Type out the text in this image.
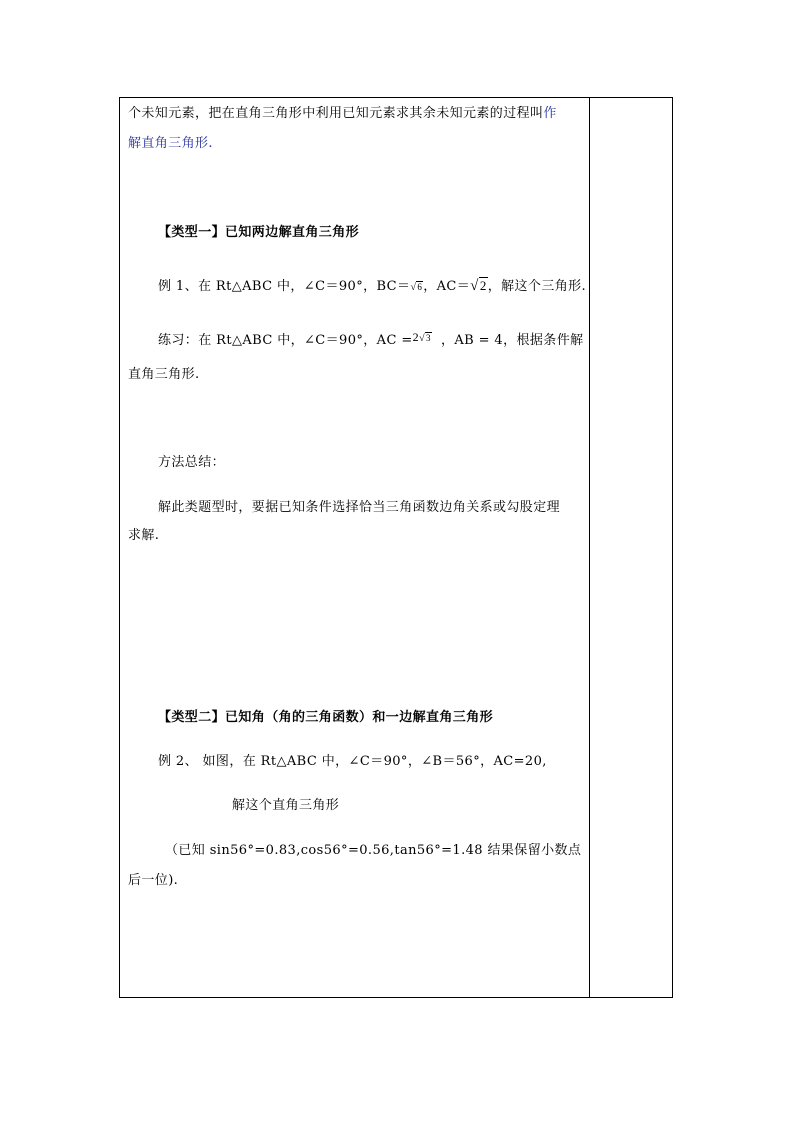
个未知元素，把在直角三角形中利用已知元素求其余未知元素的过程叫作
解直角三角形.
【类型一】已知两边解直角三角形
例 1、在 Rt△ABC 中，∠C＝90°，BC＝√6，AC＝√2，解这个三角形.
练习：在 Rt△ABC 中，∠C＝90°，AC =2√3 ，AB = 4，根据条件解
直角三角形.
方法总结：
解此类题型时，要据已知条件选择恰当三角函数边角关系或勾股定理
求解.
【类型二】已知角（角的三角函数）和一边解直角三角形
例 2、 如图，在 Rt△ABC 中，∠C＝90°，∠B＝56°，AC=20,
解这个直角三角形
（已知 sin56°=0.83,cos56°=0.56,tan56°=1.48 结果保留小数点
后一位).
